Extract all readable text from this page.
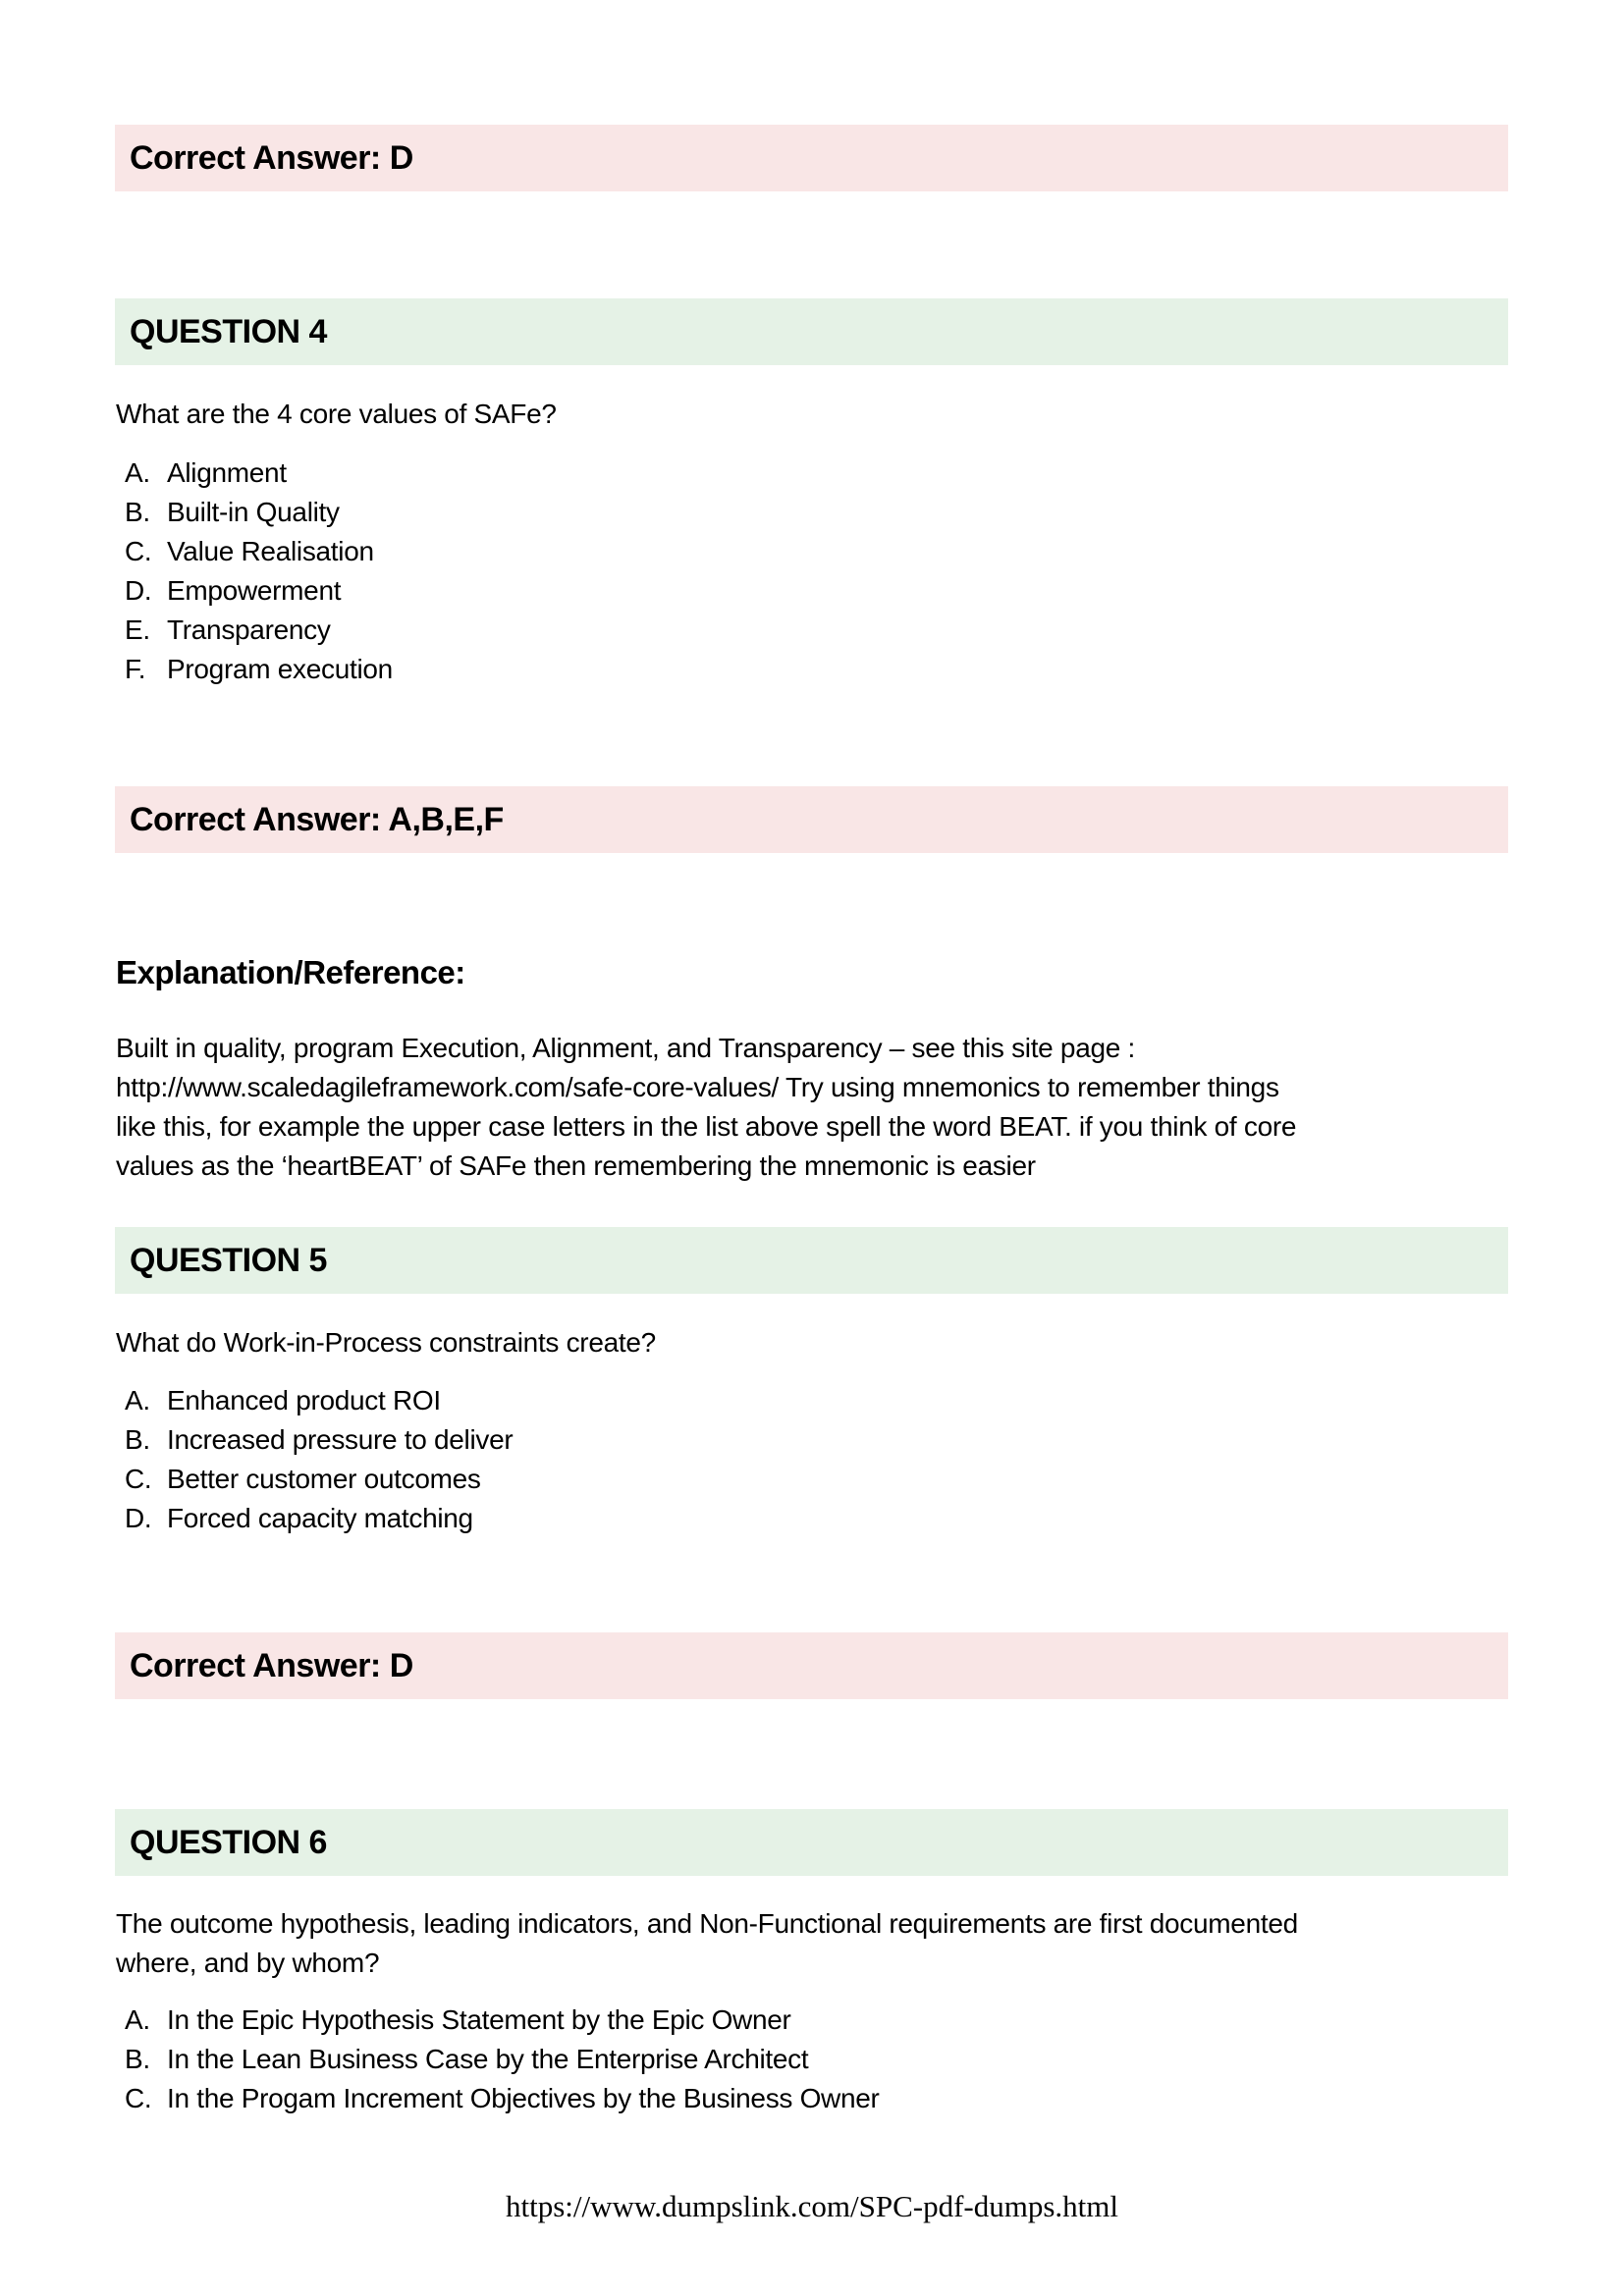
Correct Answer: D
QUESTION 4
What are the 4 core values of SAFe?
A. Alignment
B. Built-in Quality
C. Value Realisation
D. Empowerment
E. Transparency
F. Program execution
Correct Answer: A,B,E,F
Explanation/Reference:
Built in quality, program Execution, Alignment, and Transparency – see this site page :
http://www.scaledagileframework.com/safe-core-values/ Try using mnemonics to remember things
like this, for example the upper case letters in the list above spell the word BEAT. if you think of core
values as the ‘heartBEAT’ of SAFe then remembering the mnemonic is easier
QUESTION 5
What do Work-in-Process constraints create?
A. Enhanced product ROI
B. Increased pressure to deliver
C. Better customer outcomes
D. Forced capacity matching
Correct Answer: D
QUESTION 6
The outcome hypothesis, leading indicators, and Non-Functional requirements are first documented
where, and by whom?
A. In the Epic Hypothesis Statement by the Epic Owner
B. In the Lean Business Case by the Enterprise Architect
C. In the Progam Increment Objectives by the Business Owner
https://www.dumpslink.com/SPC-pdf-dumps.html
